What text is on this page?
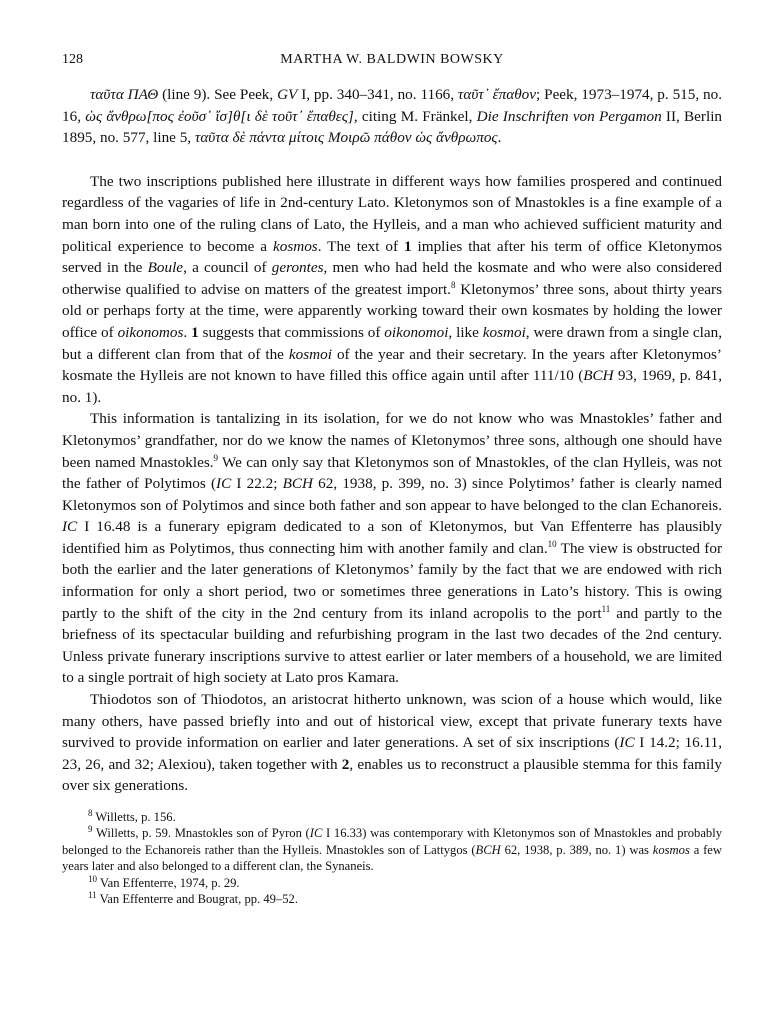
128	MARTHA W. BALDWIN BOWSKY

ταῦτα ΠΑΘ (line 9). See Peek, GV I, pp. 340–341, no. 1166, ταῦτ᾽ ἔπαθον; Peek, 1973–1974, p. 515, no. 16, ὡς ἄνθρω[πος ἐοῦσ᾽ ἴσ]θ[ι δὲ τοῦτ᾽ ἔπαθες], citing M. Fränkel, Die Inschriften von Pergamon II, Berlin 1895, no. 577, line 5, ταῦτα δὲ πάντα μίτοις Μοιρῶ πάθον ὡς ἄνθρωπος.

The two inscriptions published here illustrate in different ways how families prospered and continued regardless of the vagaries of life in 2nd-century Lato. Kletonymos son of Mnastokles is a fine example of a man born into one of the ruling clans of Lato, the Hylleis, and a man who achieved sufficient maturity and political experience to become a kosmos. The text of 1 implies that after his term of office Kletonymos served in the Boule, a council of gerontes, men who had held the kosmate and who were also considered otherwise qualified to advise on matters of the greatest import.$^8$ Kletonymos’ three sons, about thirty years old or perhaps forty at the time, were apparently working toward their own kosmates by holding the lower office of oikonomos. 1 suggests that commissions of oikonomoi, like kosmoi, were drawn from a single clan, but a different clan from that of the kosmoi of the year and their secretary. In the years after Kletonymos’ kosmate the Hylleis are not known to have filled this office again until after 111/10 (BCH 93, 1969, p. 841, no. 1).

This information is tantalizing in its isolation, for we do not know who was Mnastokles’ father and Kletonymos’ grandfather, nor do we know the names of Kletonymos’ three sons, although one should have been named Mnastokles.$^9$ We can only say that Kletonymos son of Mnastokles, of the clan Hylleis, was not the father of Polytimos (IC I 22.2; BCH 62, 1938, p. 399, no. 3) since Polytimos’ father is clearly named Kletonymos son of Polytimos and since both father and son appear to have belonged to the clan Echanoreis. IC I 16.48 is a funerary epigram dedicated to a son of Kletonymos, but Van Effenterre has plausibly identified him as Polytimos, thus connecting him with another family and clan.$^{10}$ The view is obstructed for both the earlier and the later generations of Kletonymos’ family by the fact that we are endowed with rich information for only a short period, two or sometimes three generations in Lato’s history. This is owing partly to the shift of the city in the 2nd century from its inland acropolis to the port$^{11}$ and partly to the briefness of its spectacular building and refurbishing program in the last two decades of the 2nd century. Unless private funerary inscriptions survive to attest earlier or later members of a household, we are limited to a single portrait of high society at Lato pros Kamara.

Thiodotos son of Thiodotos, an aristocrat hitherto unknown, was scion of a house which would, like many others, have passed briefly into and out of historical view, except that private funerary texts have survived to provide information on earlier and later generations. A set of six inscriptions (IC I 14.2; 16.11, 23, 26, and 32; Alexiou), taken together with 2, enables us to reconstruct a plausible stemma for this family over six generations.

$^8$ Willetts, p. 156.

$^9$ Willetts, p. 59. Mnastokles son of Pyron (IC I 16.33) was contemporary with Kletonymos son of Mnastokles and probably belonged to the Echanoreis rather than the Hylleis. Mnastokles son of Lattygos (BCH 62, 1938, p. 389, no. 1) was kosmos a few years later and also belonged to a different clan, the Synaneis.

$^{10}$ Van Effenterre, 1974, p. 29.

$^{11}$ Van Effenterre and Bougrat, pp. 49–52.
